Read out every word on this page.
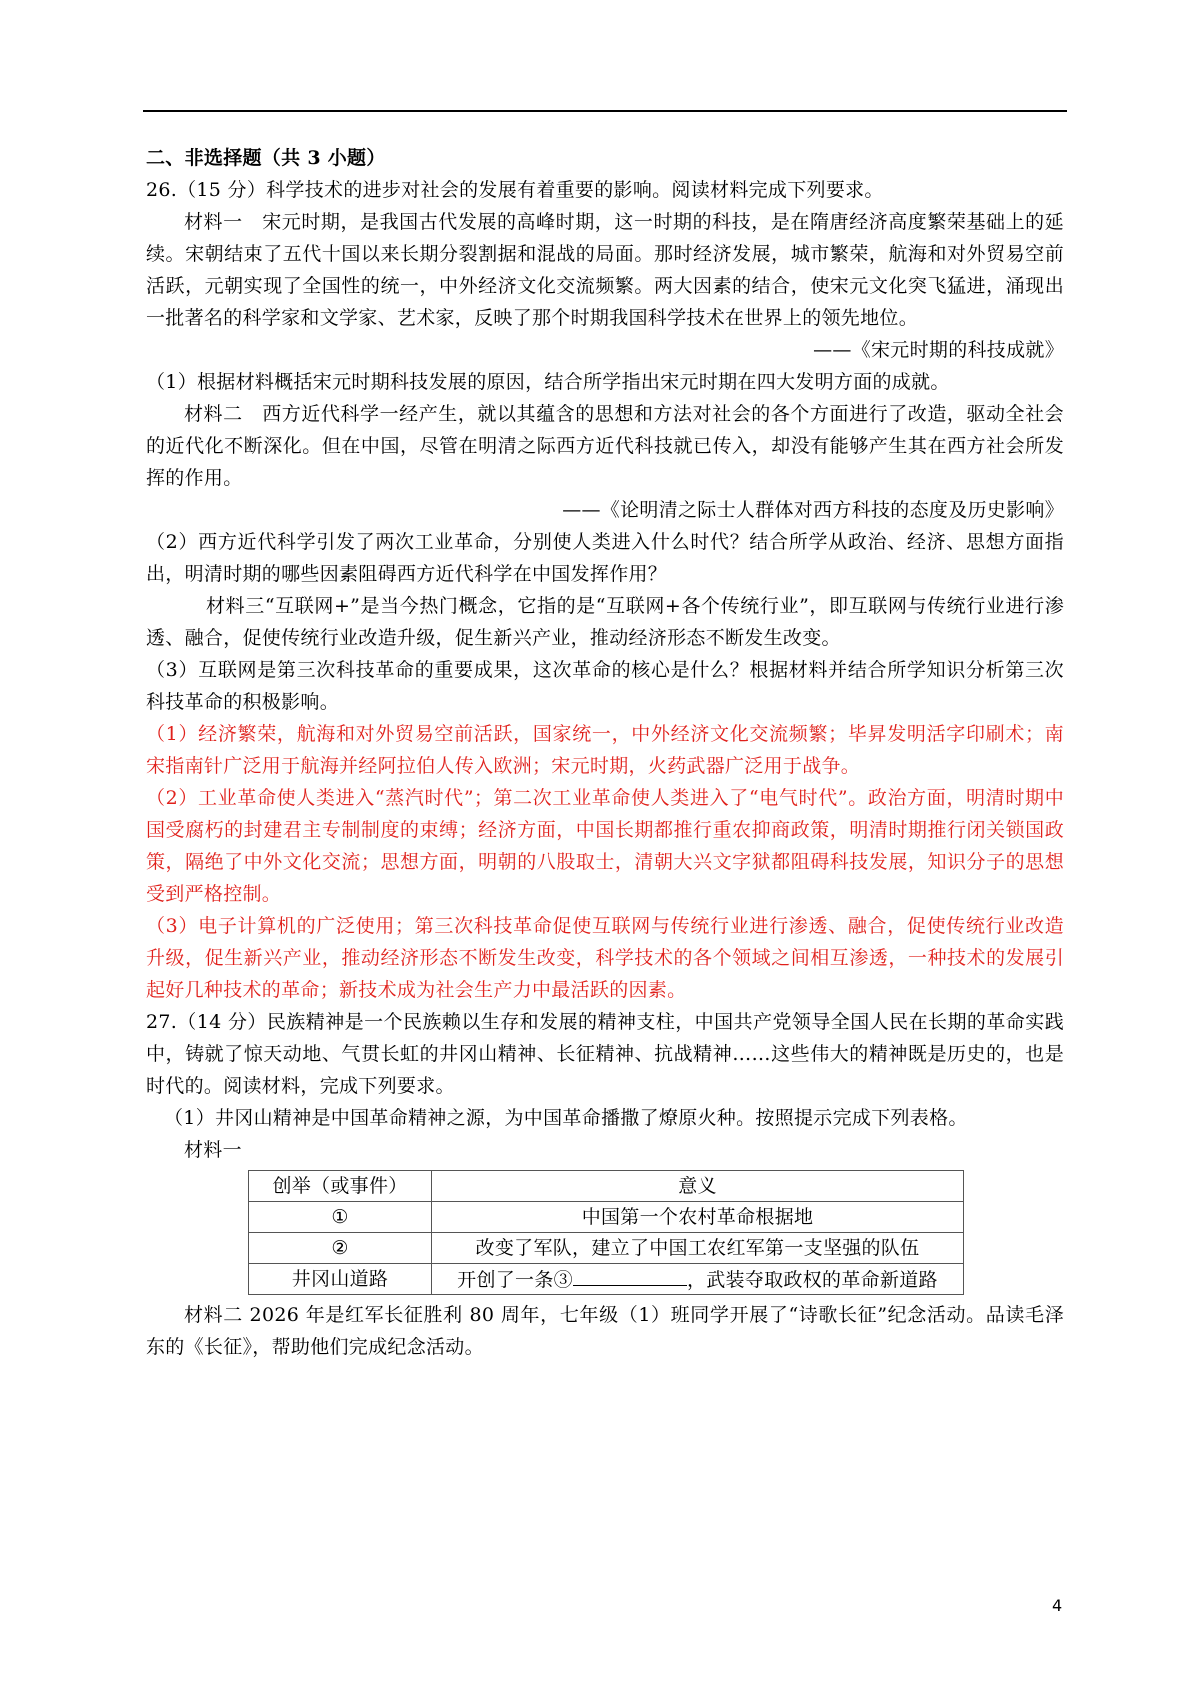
二、非选择题（共 3 小题）

26.（15 分）科学技术的进步对社会的发展有着重要的影响。阅读材料完成下列要求。

材料一　宋元时期，是我国古代发展的高峰时期，这一时期的科技，是在隋唐经济高度繁荣基础上的延续。宋朝结束了五代十国以来长期分裂割据和混战的局面。那时经济发展，城市繁荣，航海和对外贸易空前活跃，元朝实现了全国性的统一，中外经济文化交流频繁。两大因素的结合，使宋元文化突飞猛进，涌现出一批著名的科学家和文学家、艺术家，反映了那个时期我国科学技术在世界上的领先地位。

——《宋元时期的科技成就》

（1）根据材料概括宋元时期科技发展的原因，结合所学指出宋元时期在四大发明方面的成就。

材料二　西方近代科学一经产生，就以其蕴含的思想和方法对社会的各个方面进行了改造，驱动全社会的近代化不断深化。但在中国，尽管在明清之际西方近代科技就已传入，却没有能够产生其在西方社会所发挥的作用。

——《论明清之际士人群体对西方科技的态度及历史影响》

（2）西方近代科学引发了两次工业革命，分别使人类进入什么时代？结合所学从政治、经济、思想方面指出，明清时期的哪些因素阻碍西方近代科学在中国发挥作用？

材料三“互联网+”是当今热门概念，它指的是“互联网+各个传统行业”，即互联网与传统行业进行渗透、融合，促使传统行业改造升级，促生新兴产业，推动经济形态不断发生改变。

（3）互联网是第三次科技革命的重要成果，这次革命的核心是什么？根据材料并结合所学知识分析第三次科技革命的积极影响。

（1）经济繁荣，航海和对外贸易空前活跃，国家统一，中外经济文化交流频繁；毕昇发明活字印刷术；南宋指南针广泛用于航海并经阿拉伯人传入欧洲；宋元时期，火药武器广泛用于战争。

（2）工业革命使人类进入“蒸汽时代”；第二次工业革命使人类进入了“电气时代”。政治方面，明清时期中国受腐朽的封建君主专制制度的束缚；经济方面，中国长期都推行重农抑商政策，明清时期推行闭关锁国政策，隔绝了中外文化交流；思想方面，明朝的八股取士，清朝大兴文字狱都阻碍科技发展，知识分子的思想受到严格控制。

（3）电子计算机的广泛使用；第三次科技革命促使互联网与传统行业进行渗透、融合，促使传统行业改造升级，促生新兴产业，推动经济形态不断发生改变，科学技术的各个领域之间相互渗透，一种技术的发展引起好几种技术的革命；新技术成为社会生产力中最活跃的因素。

27.（14 分）民族精神是一个民族赖以生存和发展的精神支柱，中国共产党领导全国人民在长期的革命实践中，铸就了惊天动地、气贯长虹的井冈山精神、长征精神、抗战精神……这些伟大的精神既是历史的，也是时代的。阅读材料，完成下列要求。

（1）井冈山精神是中国革命精神之源，为中国革命播撒了燎原火种。按照提示完成下列表格。

材料一

创举（或事件）	意义
①	中国第一个农村革命根据地
②	改变了军队，建立了中国工农红军第一支坚强的队伍
井冈山道路	开创了一条③ ，武装夺取政权的革命新道路

材料二 2026 年是红军长征胜利 80 周年，七年级（1）班同学开展了“诗歌长征”纪念活动。品读毛泽东的《长征》，帮助他们完成纪念活动。

4
